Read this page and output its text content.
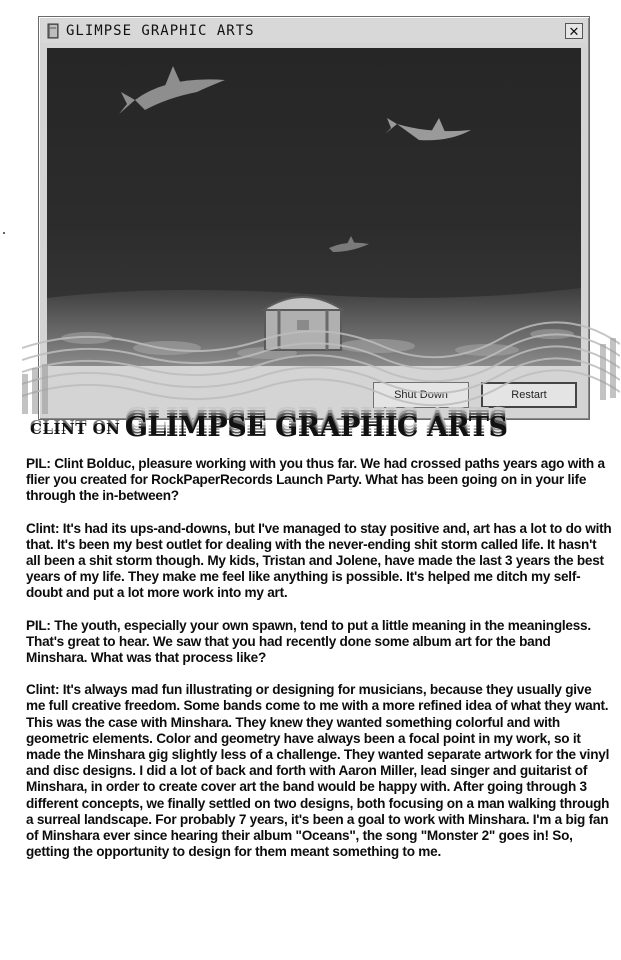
GLIMPSE GRAPHIC ARTS	✕
Shut Down	Restart
CLINT ON GLIMPSE GRAPHIC ARTS

PIL: Clint Bolduc, pleasure working with you thus far. We had crossed paths years ago with a flier you created for RockPaperRecords Launch Party. What has been going on in your life through the in-between?

Clint: It's had its ups-and-downs, but I've managed to stay positive and, art has a lot to do with that. It's been my best outlet for dealing with the never-ending shit storm called life. It hasn't all been a shit storm though. My kids, Tristan and Jolene, have made the last 3 years the best years of my life. They make me feel like anything is possible. It's helped me ditch my self-doubt and put a lot more work into my art.

PIL: The youth, especially your own spawn, tend to put a little meaning in the meaningless. That's great to hear. We saw that you had recently done some album art for the band Minshara. What was that process like?

Clint: It's always mad fun illustrating or designing for musicians, because they usually give me full creative freedom. Some bands come to me with a more refined idea of what they want. This was the case with Minshara. They knew they wanted something colorful and with geometric elements. Color and geometry have always been a focal point in my work, so it made the Minshara gig slightly less of a challenge. They wanted separate artwork for the vinyl and disc designs. I did a lot of back and forth with Aaron Miller, lead singer and guitarist of Minshara, in order to create cover art the band would be happy with. After going through 3 different concepts, we finally settled on two designs, both focusing on a man walking through a surreal landscape. For probably 7 years, it's been a goal to work with Minshara. I'm a big fan of Minshara ever since hearing their album "Oceans", the song "Monster 2" goes in! So, getting the opportunity to design for them meant something to me.
